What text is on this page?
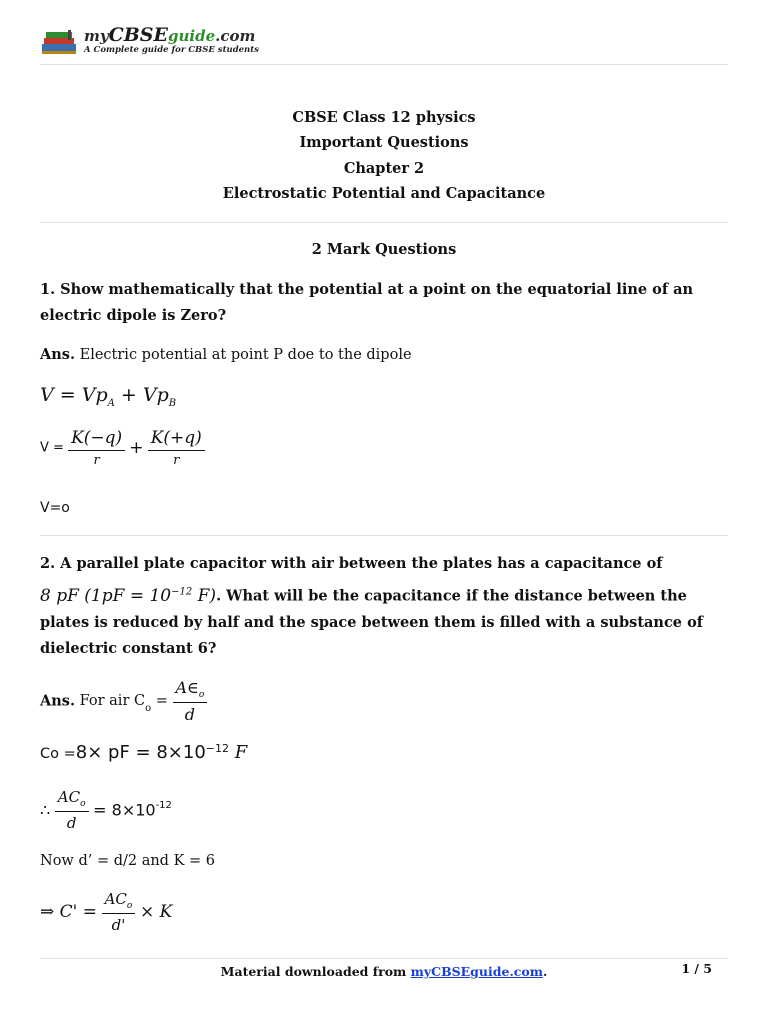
myCBSEguide.com
A Complete guide for CBSE students
CBSE Class 12 physics
Important Questions
Chapter 2
Electrostatic Potential and Capacitance
2 Mark Questions
1. Show mathematically that the potential at a point on the equatorial line of an electric dipole is Zero?
Ans. Electric potential at point P doe to the dipole
$V = Vp_A + Vp_B$
$V = \frac{K(-q)}{r} + \frac{K(+q)}{r}$
V=o
2. A parallel plate capacitor with air between the plates has a capacitance of
8 pF ($1pF = 10^{-12}$ F). What will be the capacitance if the distance between the
plates is reduced by half and the space between them is filled with a substance of
dielectric constant 6?
Ans. For air $C_o = \frac{A\in_o}{d}$
Co =8× pF = $8\times 10^{-12}$ F
∴ $\frac{AC_o}{d} = 8\times 10^{-12}$
Now d’ = d/2 and K = 6
⇒ $C' = \frac{AC_o}{d'} \times K$
Material downloaded from myCBSEguide.com.	1 / 5
